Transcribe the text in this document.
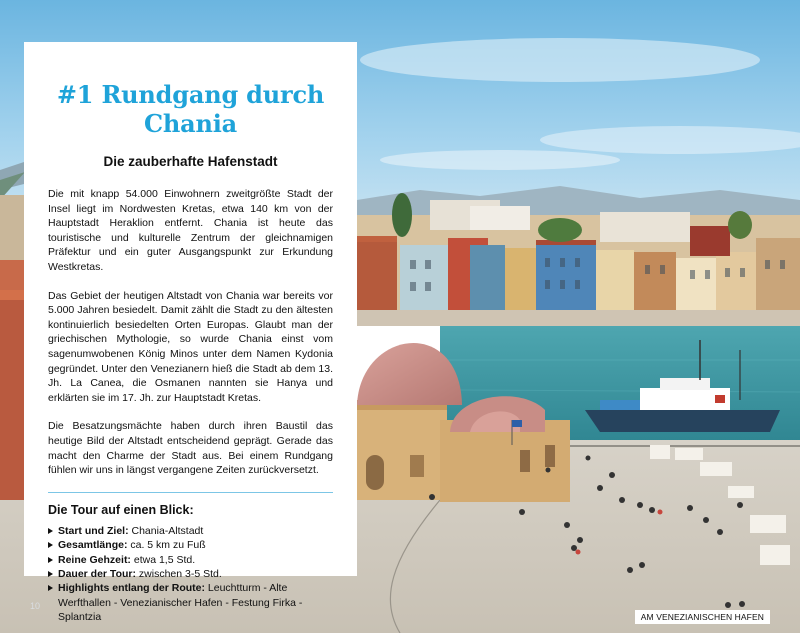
#1 Rundgang durch Chania
Die zauberhafte Hafenstadt

Die mit knapp 54.000 Einwohnern zweitgrößte Stadt der Insel liegt im Nordwesten Kretas, etwa 140 km von der Hauptstadt Heraklion entfernt. Chania ist heute das touristische und kulturelle Zentrum der gleichnamigen Präfektur und ein guter Ausgangspunkt zur Erkundung Westkretas.

Das Gebiet der heutigen Altstadt von Chania war bereits vor 5.000 Jahren besiedelt. Damit zählt die Stadt zu den ältesten kontinuierlich besiedelten Orten Europas. Glaubt man der griechischen Mythologie, so wurde Chania einst vom sagenumwobenen König Minos unter dem Namen Kydonia gegründet. Unter den Venezianern hieß die Stadt ab dem 13. Jh. La Canea, die Osmanen nannten sie Hanya und erklärten sie im 17. Jh. zur Hauptstadt Kretas.

Die Besatzungsmächte haben durch ihren Baustil das heutige Bild der Altstadt entscheidend geprägt. Gerade das macht den Charme der Stadt aus. Bei einem Rundgang fühlen wir uns in längst vergangene Zeiten zurückversetzt.

Die Tour auf einen Blick:
Start und Ziel: Chania-Altstadt
Gesamtlänge: ca. 5 km zu Fuß
Reine Gehzeit: etwa 1,5 Std.
Dauer der Tour: zwischen 3-5 Std.
Highlights entlang der Route: Leuchtturm - Alte Werfthallen - Venezianischer Hafen - Festung Firka - Splantzia
10
AM VENEZIANISCHEN HAFEN
